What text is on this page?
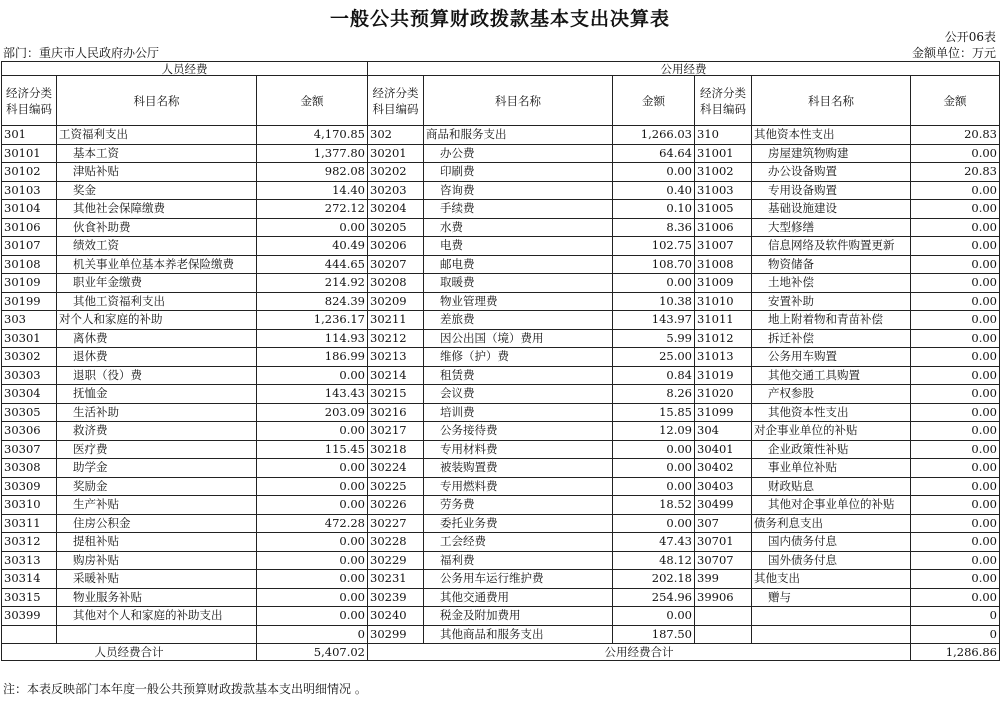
一般公共预算财政拨款基本支出决算表
公开06表
部门：重庆市人民政府办公厅	金额单位：万元
人员经费			公用经费					
经济分类科目编码	科目名称	金额	经济分类科目编码	科目名称	金额	经济分类科目编码	科目名称	金额
301	工资福利支出	4,170.85	302	商品和服务支出	1,266.03	310	其他资本性支出	20.83
30101	基本工资	1,377.80	30201	办公费	64.64	31001	房屋建筑物购建	0.00
30102	津贴补贴	982.08	30202	印刷费	0.00	31002	办公设备购置	20.83
30103	奖金	14.40	30203	咨询费	0.40	31003	专用设备购置	0.00
30104	其他社会保障缴费	272.12	30204	手续费	0.10	31005	基础设施建设	0.00
30106	伙食补助费	0.00	30205	水费	8.36	31006	大型修缮	0.00
30107	绩效工资	40.49	30206	电费	102.75	31007	信息网络及软件购置更新	0.00
30108	机关事业单位基本养老保险缴费	444.65	30207	邮电费	108.70	31008	物资储备	0.00
30109	职业年金缴费	214.92	30208	取暖费	0.00	31009	土地补偿	0.00
30199	其他工资福利支出	824.39	30209	物业管理费	10.38	31010	安置补助	0.00
303	对个人和家庭的补助	1,236.17	30211	差旅费	143.97	31011	地上附着物和青苗补偿	0.00
30301	离休费	114.93	30212	因公出国（境）费用	5.99	31012	拆迁补偿	0.00
30302	退休费	186.99	30213	维修（护）费	25.00	31013	公务用车购置	0.00
30303	退职（役）费	0.00	30214	租赁费	0.84	31019	其他交通工具购置	0.00
30304	抚恤金	143.43	30215	会议费	8.26	31020	产权参股	0.00
30305	生活补助	203.09	30216	培训费	15.85	31099	其他资本性支出	0.00
30306	救济费	0.00	30217	公务接待费	12.09	304	对企事业单位的补贴	0.00
30307	医疗费	115.45	30218	专用材料费	0.00	30401	企业政策性补贴	0.00
30308	助学金	0.00	30224	被装购置费	0.00	30402	事业单位补贴	0.00
30309	奖励金	0.00	30225	专用燃料费	0.00	30403	财政贴息	0.00
30310	生产补贴	0.00	30226	劳务费	18.52	30499	其他对企事业单位的补贴	0.00
30311	住房公积金	472.28	30227	委托业务费	0.00	307	债务利息支出	0.00
30312	提租补贴	0.00	30228	工会经费	47.43	30701	国内债务付息	0.00
30313	购房补贴	0.00	30229	福利费	48.12	30707	国外债务付息	0.00
30314	采暖补贴	0.00	30231	公务用车运行维护费	202.18	399	其他支出	0.00
30315	物业服务补贴	0.00	30239	其他交通费用	254.96	39906	赠与	0.00
30399	其他对个人和家庭的补助支出	0.00	30240	税金及附加费用	0.00			0
		0	30299	其他商品和服务支出	187.50			0
人员经费合计		5,407.02	公用经费合计					1,286.86
注：本表反映部门本年度一般公共预算财政拨款基本支出明细情况 。
